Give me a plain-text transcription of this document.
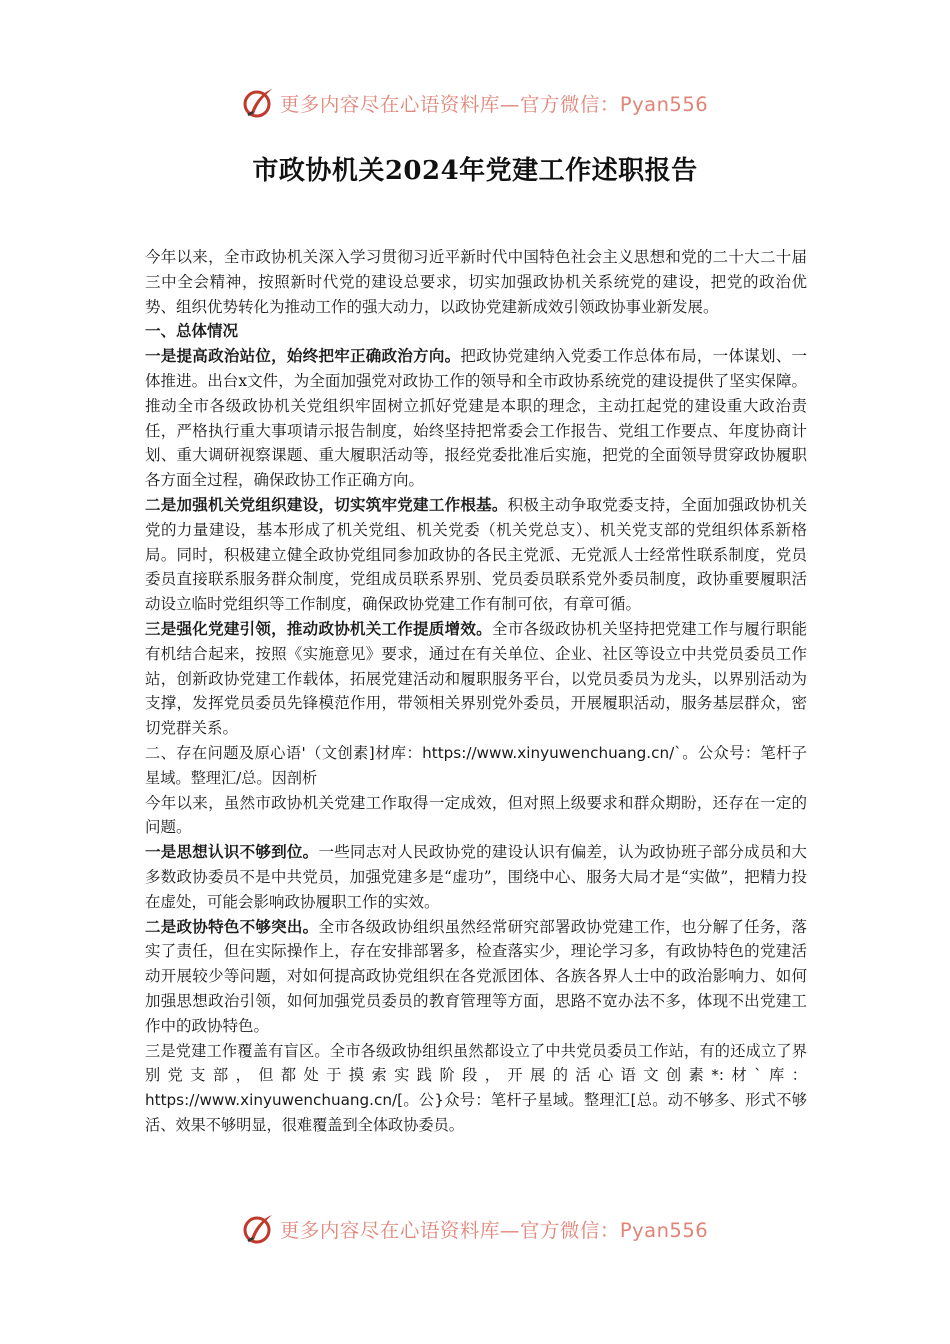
更多内容尽在心语资料库—官方微信：Pyan556
市政协机关2024年党建工作述职报告

今年以来，全市政协机关深入学习贯彻习近平新时代中国特色社会主义思想和党的二十大二十届三中全会精神，按照新时代党的建设总要求，切实加强政协机关系统党的建设，把党的政治优势、组织优势转化为推动工作的强大动力，以政协党建新成效引领政协事业新发展。

一、总体情况

一是提高政治站位，始终把牢正确政治方向。把政协党建纳入党委工作总体布局，一体谋划、一体推进。出台x文件，为全面加强党对政协工作的领导和全市政协系统党的建设提供了坚实保障。推动全市各级政协机关党组织牢固树立抓好党建是本职的理念，主动扛起党的建设重大政治责任，严格执行重大事项请示报告制度，始终坚持把常委会工作报告、党组工作要点、年度协商计划、重大调研视察课题、重大履职活动等，报经党委批准后实施，把党的全面领导贯穿政协履职各方面全过程，确保政协工作正确方向。

二是加强机关党组织建设，切实筑牢党建工作根基。积极主动争取党委支持，全面加强政协机关党的力量建设，基本形成了机关党组、机关党委（机关党总支）、机关党支部的党组织体系新格局。同时，积极建立健全政协党组同参加政协的各民主党派、无党派人士经常性联系制度，党员委员直接联系服务群众制度，党组成员联系界别、党员委员联系党外委员制度，政协重要履职活动设立临时党组织等工作制度，确保政协党建工作有制可依，有章可循。

三是强化党建引领，推动政协机关工作提质增效。全市各级政协机关坚持把党建工作与履行职能有机结合起来，按照《实施意见》要求，通过在有关单位、企业、社区等设立中共党员委员工作站，创新政协党建工作载体，拓展党建活动和履职服务平台，以党员委员为龙头，以界别活动为支撑，发挥党员委员先锋模范作用，带领相关界别党外委员，开展履职活动，服务基层群众，密切党群关系。

二、存在问题及原心语'（文创素]材库：https://www.xinyuwenchuang.cn/`。公众号：笔杆子星域。整理汇/总。因剖析

今年以来，虽然市政协机关党建工作取得一定成效，但对照上级要求和群众期盼，还存在一定的问题。

一是思想认识不够到位。一些同志对人民政协党的建设认识有偏差，认为政协班子部分成员和大多数政协委员不是中共党员，加强党建多是“虚功”，围绕中心、服务大局才是“实做”，把精力投在虚处，可能会影响政协履职工作的实效。

二是政协特色不够突出。全市各级政协组织虽然经常研究部署政协党建工作，也分解了任务，落实了责任，但在实际操作上，存在安排部署多，检查落实少，理论学习多，有政协特色的党建活动开展较少等问题，对如何提高政协党组织在各党派团体、各族各界人士中的政治影响力、如何加强思想政治引领，如何加强党员委员的教育管理等方面，思路不宽办法不多，体现不出党建工作中的政协特色。

三是党建工作覆盖有盲区。全市各级政协组织虽然都设立了中共党员委员工作站，有的还成立了界别党支部，但都处于摸索实践阶段，开展的活心语文创素*:材`库：https://www.xinyuwenchuang.cn/[。公}众号：笔杆子星域。整理汇[总。动不够多、形式不够活、效果不够明显，很难覆盖到全体政协委员。

更多内容尽在心语资料库—官方微信：Pyan556
